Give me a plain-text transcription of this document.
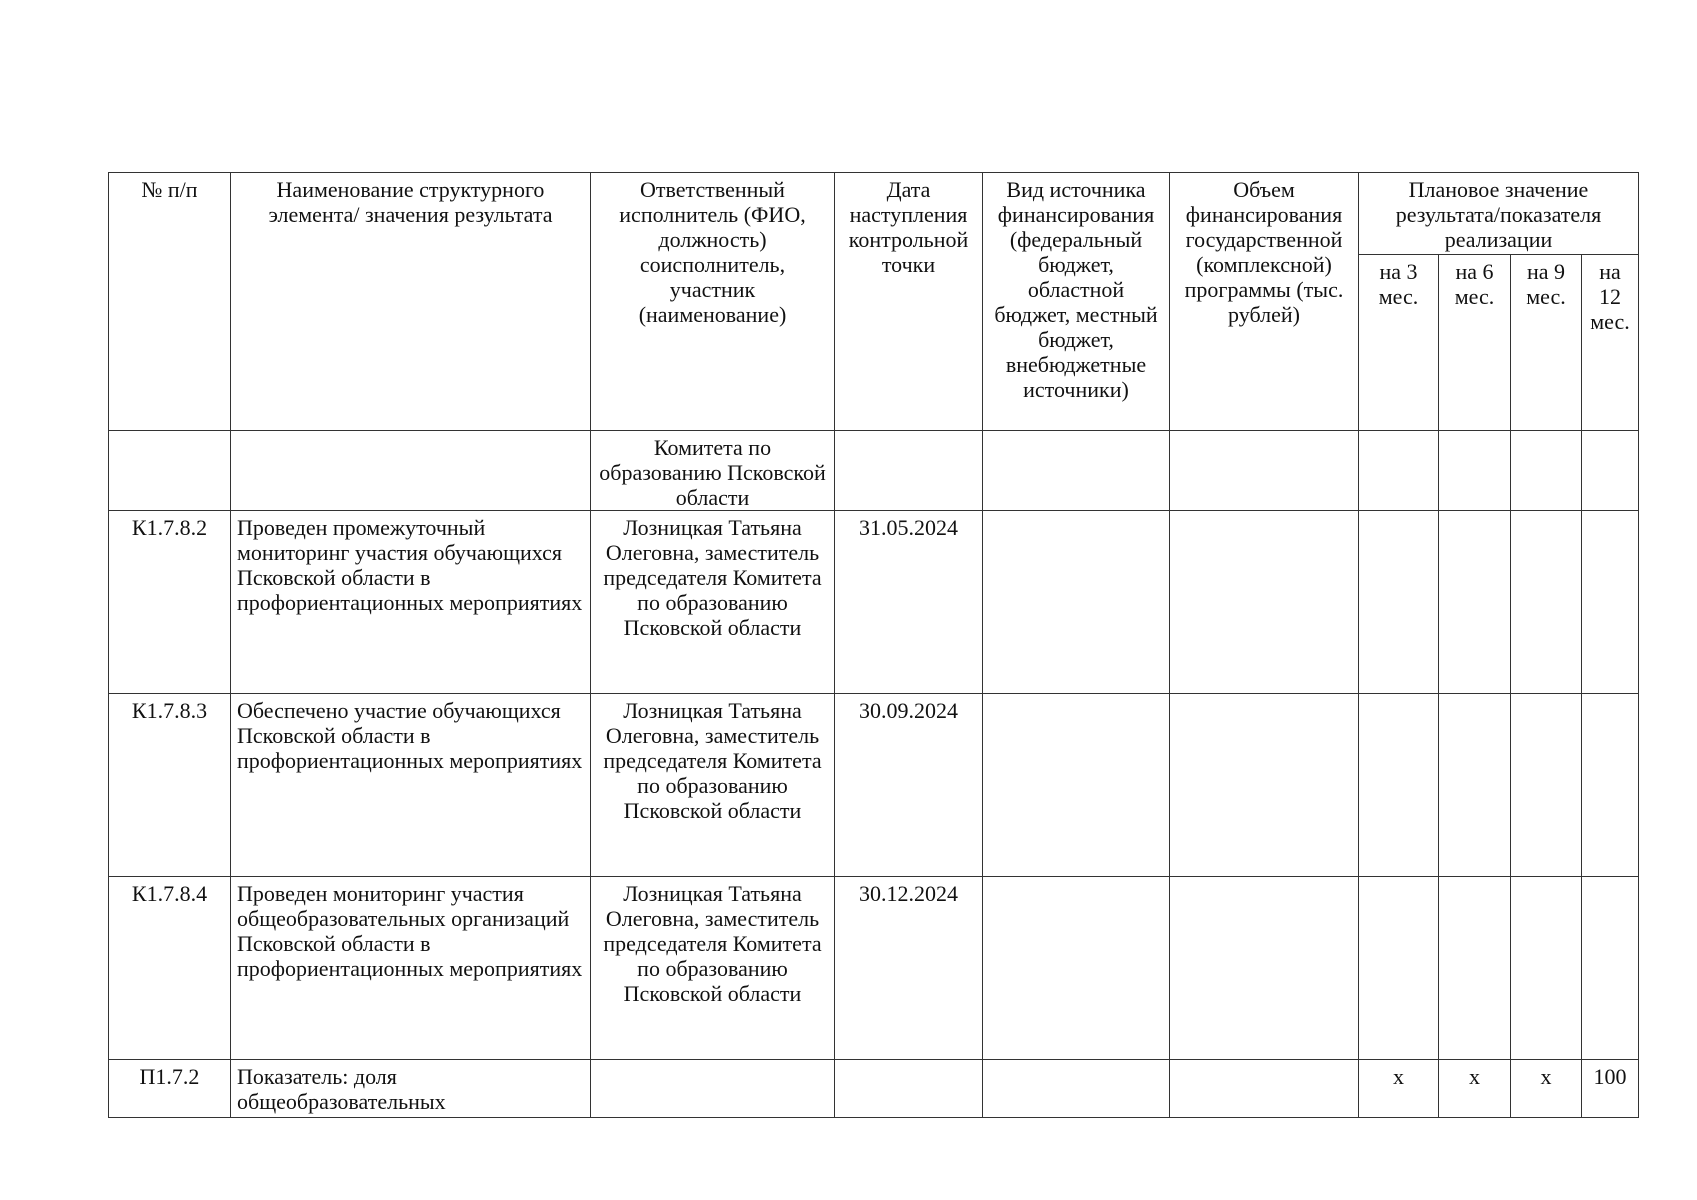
№ п/п	Наименование структурного элемента/ значения результата	Ответственный исполнитель (ФИО, должность) соисполнитель, участник (наименование)	Дата наступления контрольной точки	Вид источника финансирования (федеральный бюджет, областной бюджет, местный бюджет, внебюджетные источники)	Объем финансирования государственной (комплексной) программы (тыс. рублей)	Плановое значение результата/показателя реализации			
						на 3 мес.	на 6 мес.	на 9 мес.	на 12 мес.
		Комитета по образованию Псковской области							
К1.7.8.2	Проведен промежуточный мониторинг участия обучающихся Псковской области в профориентационных мероприятиях	Лозницкая Татьяна Олеговна, заместитель председателя Комитета по образованию Псковской области	31.05.2024						
К1.7.8.3	Обеспечено участие обучающихся Псковской области в профориентационных мероприятиях	Лозницкая Татьяна Олеговна, заместитель председателя Комитета по образованию Псковской области	30.09.2024						
К1.7.8.4	Проведен мониторинг участия общеобразовательных организаций Псковской области в профориентационных мероприятиях	Лозницкая Татьяна Олеговна, заместитель председателя Комитета по образованию Псковской области	30.12.2024						
П1.7.2	Показатель: доля общеобразовательных					х	х	х	100
